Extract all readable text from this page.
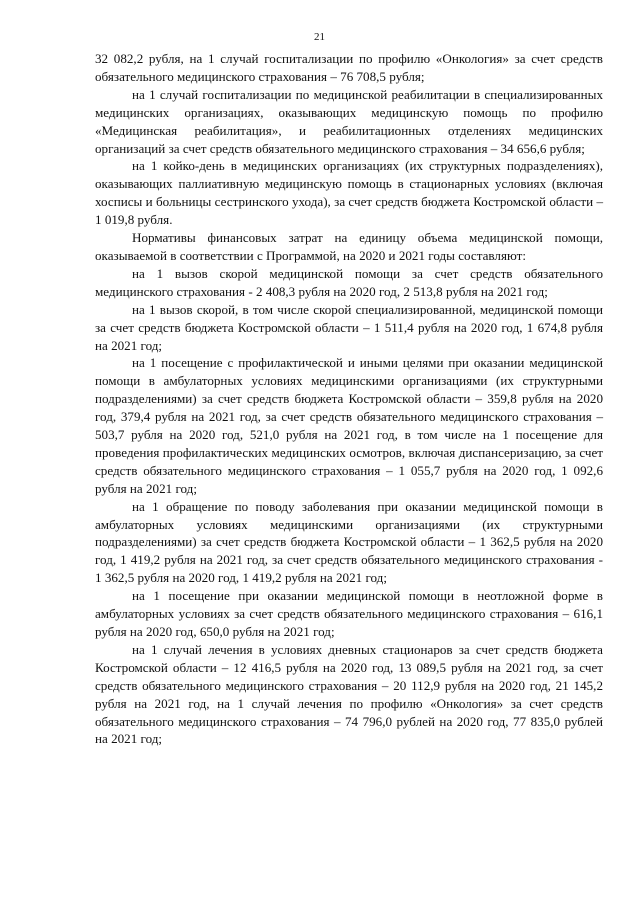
21

32 082,2 рубля, на 1 случай госпитализации по профилю «Онкология» за счет средств обязательного медицинского страхования – 76 708,5 рубля;

на 1 случай госпитализации по медицинской реабилитации в специализированных медицинских организациях, оказывающих медицинскую помощь по профилю «Медицинская реабилитация», и реабилитационных отделениях медицинских организаций за счет средств обязательного медицинского страхования – 34 656,6 рубля;

на 1 койко-день в медицинских организациях (их структурных подразделениях), оказывающих паллиативную медицинскую помощь в стационарных условиях (включая хосписы и больницы сестринского ухода), за счет средств бюджета Костромской области – 1 019,8 рубля.

Нормативы финансовых затрат на единицу объема медицинской помощи, оказываемой в соответствии с Программой, на 2020 и 2021 годы составляют:

на 1 вызов скорой медицинской помощи за счет средств обязательного медицинского страхования - 2 408,3 рубля на 2020 год, 2 513,8 рубля на 2021 год;

на 1 вызов скорой, в том числе скорой специализированной, медицинской помощи за счет средств бюджета Костромской области – 1 511,4 рубля на 2020 год, 1 674,8 рубля на 2021 год;

на 1 посещение с профилактической и иными целями при оказании медицинской помощи в амбулаторных условиях медицинскими организациями (их структурными подразделениями) за счет средств бюджета Костромской области – 359,8 рубля на 2020 год, 379,4 рубля на 2021 год, за счет средств обязательного медицинского страхования – 503,7 рубля на 2020 год, 521,0 рубля на 2021 год, в том числе на 1 посещение для проведения профилактических медицинских осмотров, включая диспансеризацию, за счет средств обязательного медицинского страхования – 1 055,7 рубля на 2020 год, 1 092,6 рубля на 2021 год;

на 1 обращение по поводу заболевания при оказании медицинской помощи в амбулаторных условиях медицинскими организациями (их структурными подразделениями) за счет средств бюджета Костромской области – 1 362,5 рубля на 2020 год, 1 419,2 рубля на 2021 год, за счет средств обязательного медицинского страхования - 1 362,5 рубля на 2020 год, 1 419,2 рубля на 2021 год;

на 1 посещение при оказании медицинской помощи в неотложной форме в амбулаторных условиях за счет средств обязательного медицинского страхования – 616,1 рубля на 2020 год, 650,0 рубля на 2021 год;

на 1 случай лечения в условиях дневных стационаров за счет средств бюджета Костромской области – 12 416,5 рубля на 2020 год, 13 089,5 рубля на 2021 год, за счет средств обязательного медицинского страхования – 20 112,9 рубля на 2020 год, 21 145,2 рубля на 2021 год, на 1 случай лечения по профилю «Онкология» за счет средств обязательного медицинского страхования – 74 796,0 рублей на 2020 год, 77 835,0 рублей на 2021 год;
